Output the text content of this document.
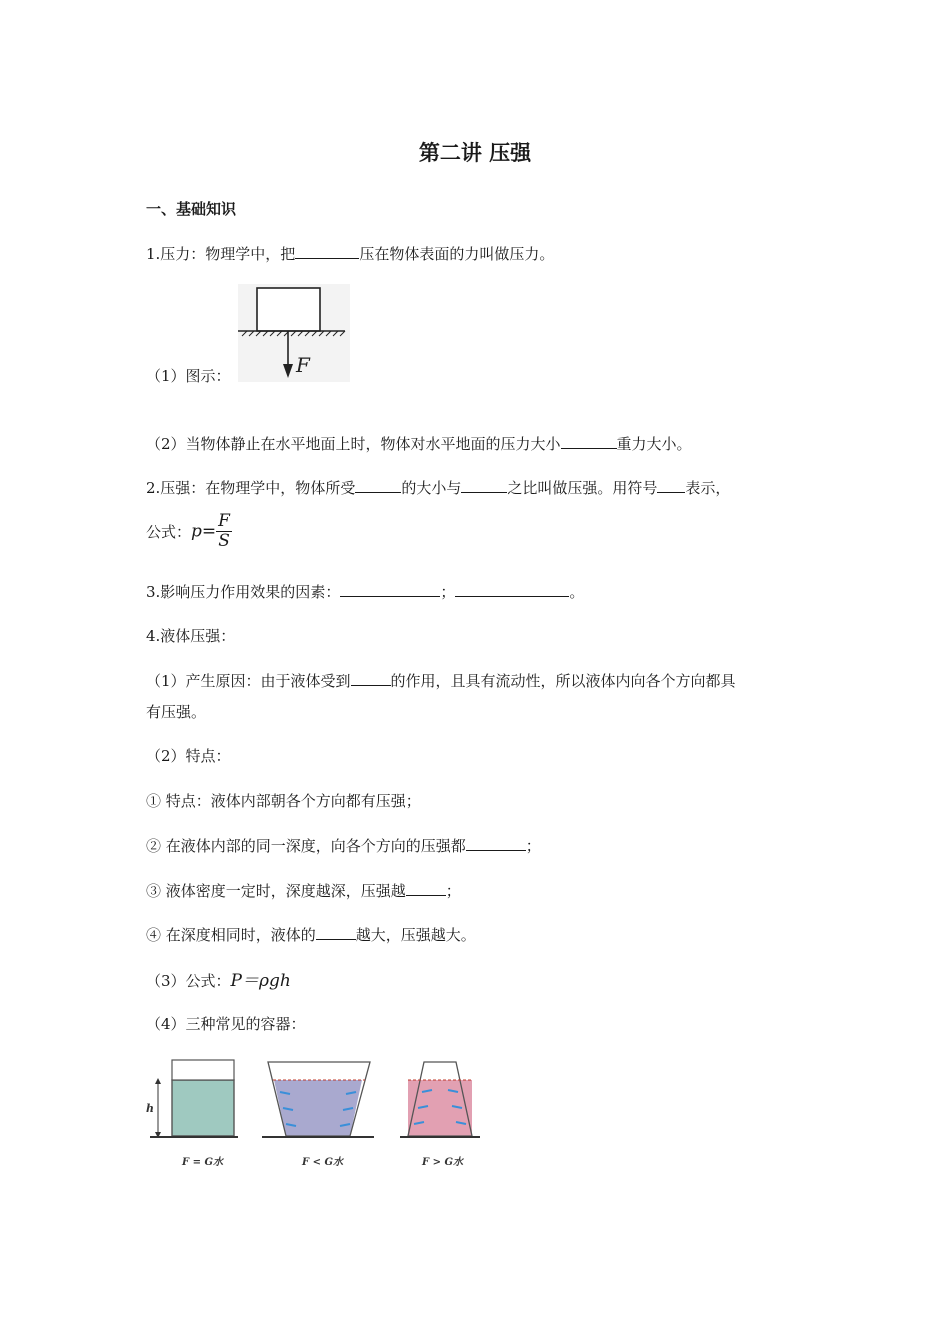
第二讲 压强
一、基础知识
1.压力：物理学中，把	压在物体表面的力叫做压力。
（1）图示：	F
（2）当物体静止在水平地面上时，物体对水平地面的压力大小	重力大小。
2.压强：在物理学中，物体所受	的大小与	之比叫做压强。用符号 表示，
公式：$p= \frac{F}{S}$
3.影响压力作用效果的因素：	；	。
4.液体压强：
（1）产生原因：由于液体受到	的作用，且具有流动性，所以液体内向各个方向都具
有压强。
（2）特点：
① 特点：液体内部朝各个方向都有压强；
② 在液体内部的同一深度，向各个方向的压强都	；
③ 液体密度一定时，深度越深，压强越	；
④ 在深度相同时，液体的	越大，压强越大。
（3）公式：P＝ρgh
（4）三种常见的容器：
h
F = G水	F < G水	F > G水
